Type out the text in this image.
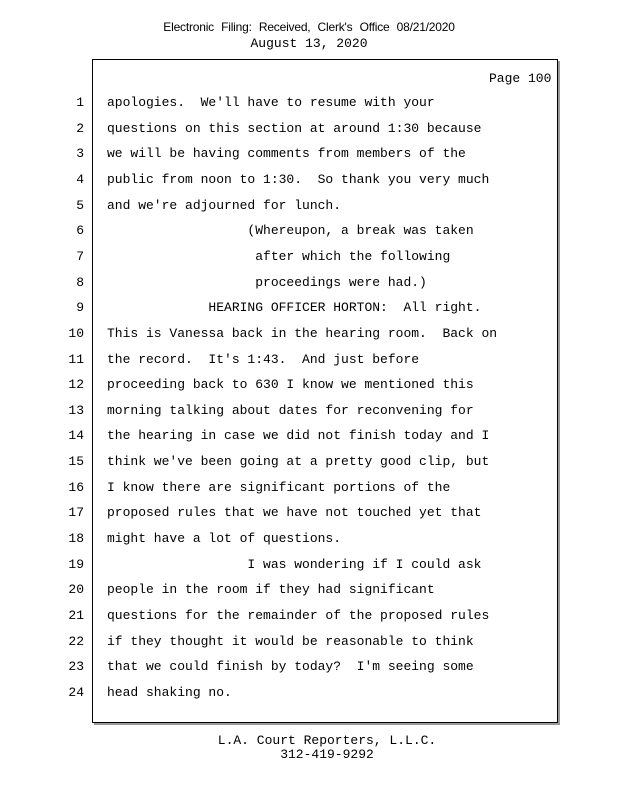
Electronic Filing: Received, Clerk's Office 08/21/2020
August 13, 2020
Page 100
1 apologies.  We'll have to resume with your
2 questions on this section at around 1:30 because
3 we will be having comments from members of the
4 public from noon to 1:30.  So thank you very much
5 and we're adjourned for lunch.
6 (Whereupon, a break was taken
7 after which the following
8 proceedings were had.)
9 HEARING OFFICER HORTON:  All right.
10 This is Vanessa back in the hearing room.  Back on
11 the record.  It's 1:43.  And just before
12 proceeding back to 630 I know we mentioned this
13 morning talking about dates for reconvening for
14 the hearing in case we did not finish today and I
15 think we've been going at a pretty good clip, but
16 I know there are significant portions of the
17 proposed rules that we have not touched yet that
18 might have a lot of questions.
19 I was wondering if I could ask
20 people in the room if they had significant
21 questions for the remainder of the proposed rules
22 if they thought it would be reasonable to think
23 that we could finish by today?  I'm seeing some
24 head shaking no.
L.A. Court Reporters, L.L.C.
312-419-9292
